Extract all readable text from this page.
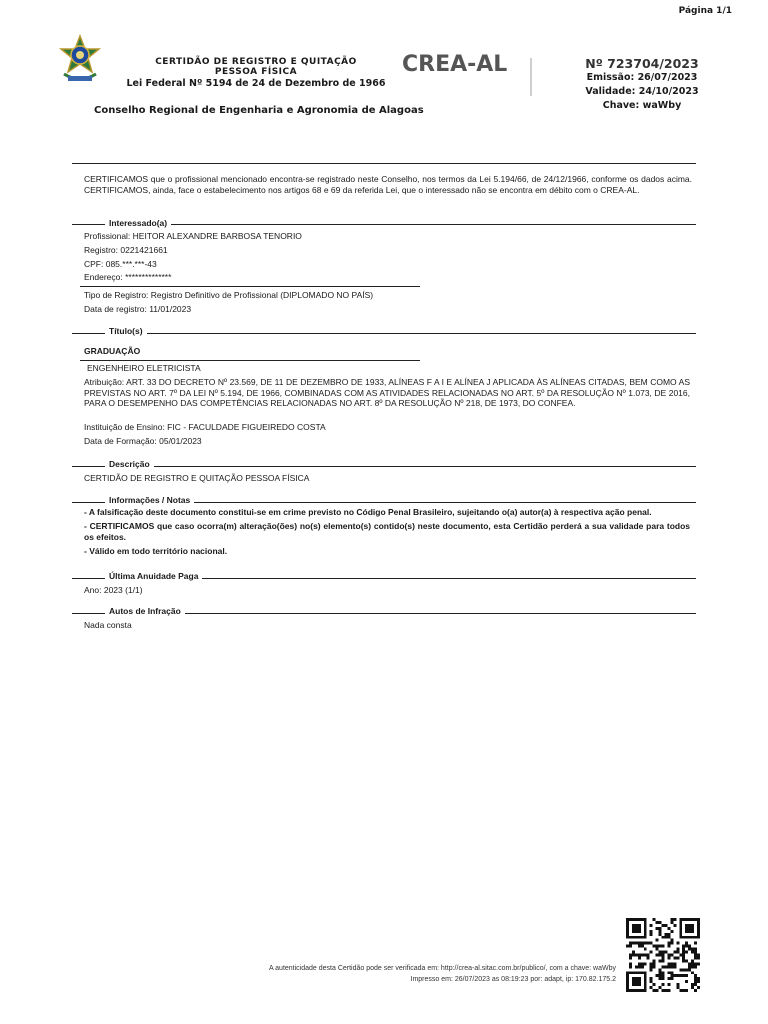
Página 1/1
CERTIDÃO DE REGISTRO E QUITAÇÃO
PESSOA FÍSICA
Lei Federal Nº 5194 de 24 de Dezembro de 1966
CREA-AL	Nº 723704/2023
Emissão: 26/07/2023
Validade: 24/10/2023
Chave: waWby
Conselho Regional de Engenharia e Agronomia de Alagoas
CERTIFICAMOS que o profissional mencionado encontra-se registrado neste Conselho, nos termos da Lei 5.194/66, de 24/12/1966, conforme os dados acima. CERTIFICAMOS, ainda, face o estabelecimento nos artigos 68 e 69 da referida Lei, que o interessado não se encontra em débito com o CREA-AL.
Interessado(a)
Profissional: HEITOR ALEXANDRE BARBOSA TENORIO
Registro: 0221421661
CPF: 085.***.***-43
Endereço: **************
Tipo de Registro: Registro Definitivo de Profissional (DIPLOMADO NO PAÍS)
Data de registro: 11/01/2023
Título(s)
GRADUAÇÃO
ENGENHEIRO ELETRICISTA
Atribuição: ART. 33 DO DECRETO Nº 23.569, DE 11 DE DEZEMBRO DE 1933, ALÍNEAS F A I E ALÍNEA J APLICADA ÀS ALÍNEAS CITADAS, BEM COMO AS PREVISTAS NO ART. 7º DA LEI Nº 5.194, DE 1966, COMBINADAS COM AS ATIVIDADES RELACIONADAS NO ART. 5º DA RESOLUÇÃO Nº 1.073, DE 2016, PARA O DESEMPENHO DAS COMPETÊNCIAS RELACIONADAS NO ART. 8º DA RESOLUÇÃO Nº 218, DE 1973, DO CONFEA.
Instituição de Ensino: FIC - FACULDADE FIGUEIREDO COSTA
Data de Formação: 05/01/2023
Descrição
CERTIDÃO DE REGISTRO E QUITAÇÃO PESSOA FÍSICA
Informações / Notas
- A falsificação deste documento constitui-se em crime previsto no Código Penal Brasileiro, sujeitando o(a) autor(a) à respectiva ação penal.
- CERTIFICAMOS que caso ocorra(m) alteração(ões) no(s) elemento(s) contido(s) neste documento, esta Certidão perderá a sua validade para todos os efeitos.
- Válido em todo território nacional.
Última Anuidade Paga
Ano: 2023 (1/1)
Autos de Infração
Nada consta
A autenticidade desta Certidão pode ser verificada em: http://crea-al.sitac.com.br/publico/, com a chave: waWby
Impresso em: 26/07/2023 as 08:19:23 por: adapt, ip: 170.82.175.2
